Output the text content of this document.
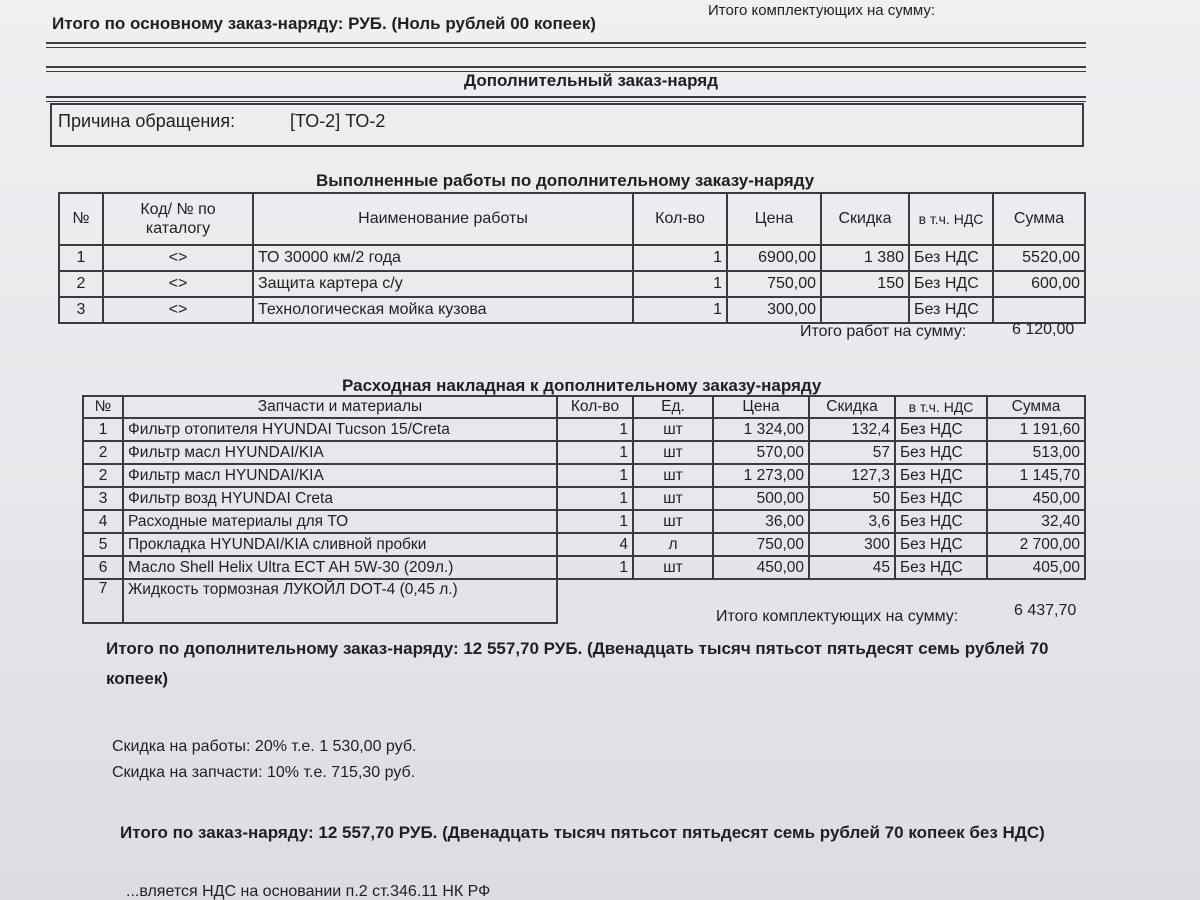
Итого комплектующих на сумму:
Итого по основному заказ-наряду: РУБ. (Ноль рублей 00 копеек)
Дополнительный заказ-наряд
Причина обращения:	[ТО-2] ТО-2
Выполненные работы по дополнительному заказу-наряду
№	Код/ № по каталогу	Наименование работы	Кол-во	Цена	Скидка	в т.ч. НДС	Сумма
1	<>	ТО 30000 км/2 года	1	6900,00	1 380	Без НДС	5520,00
2	<>	Защита картера с/у	1	750,00	150	Без НДС	600,00
3	<>	Технологическая мойка кузова	1	300,00		Без НДС	
Итого работ на сумму:	6 120,00
Расходная накладная к дополнительному заказу-наряду
№	Запчасти и материалы	Кол-во	Ед.	Цена	Скидка	в т.ч. НДС	Сумма
1	Фильтр отопителя HYUNDAI Tucson 15/Creta	1	шт	1 324,00	132,4	Без НДС	1 191,60
2	Фильтр масл HYUNDAI/KIA	1	шт	570,00	57	Без НДС	513,00
2	Фильтр масл HYUNDAI/KIA	1	шт	1 273,00	127,3	Без НДС	1 145,70
3	Фильтр возд HYUNDAI Creta	1	шт	500,00	50	Без НДС	450,00
4	Расходные материалы для ТО	1	шт	36,00	3,6	Без НДС	32,40
5	Прокладка HYUNDAI/KIA сливной пробки	4	л	750,00	300	Без НДС	2 700,00
6	Масло Shell Helix Ultra ECT AH 5W-30 (209л.)	1	шт	450,00	45	Без НДС	405,00
7	Жидкость тормозная ЛУКОЙЛ DOT-4 (0,45 л.)						
Итого комплектующих на сумму:	6 437,70
Итого по дополнительному заказ-наряду: 12 557,70 РУБ. (Двенадцать тысяч пятьсот пятьдесят семь рублей 70 копеек)
Скидка на работы: 20% т.е. 1 530,00 руб.
Скидка на запчасти: 10% т.е. 715,30 руб.
Итого по заказ-наряду: 12 557,70 РУБ. (Двенадцать тысяч пятьсот пятьдесят семь рублей 70 копеек без НДС)
...вляется НДС на основании п.2 ст.346.11 НК РФ
